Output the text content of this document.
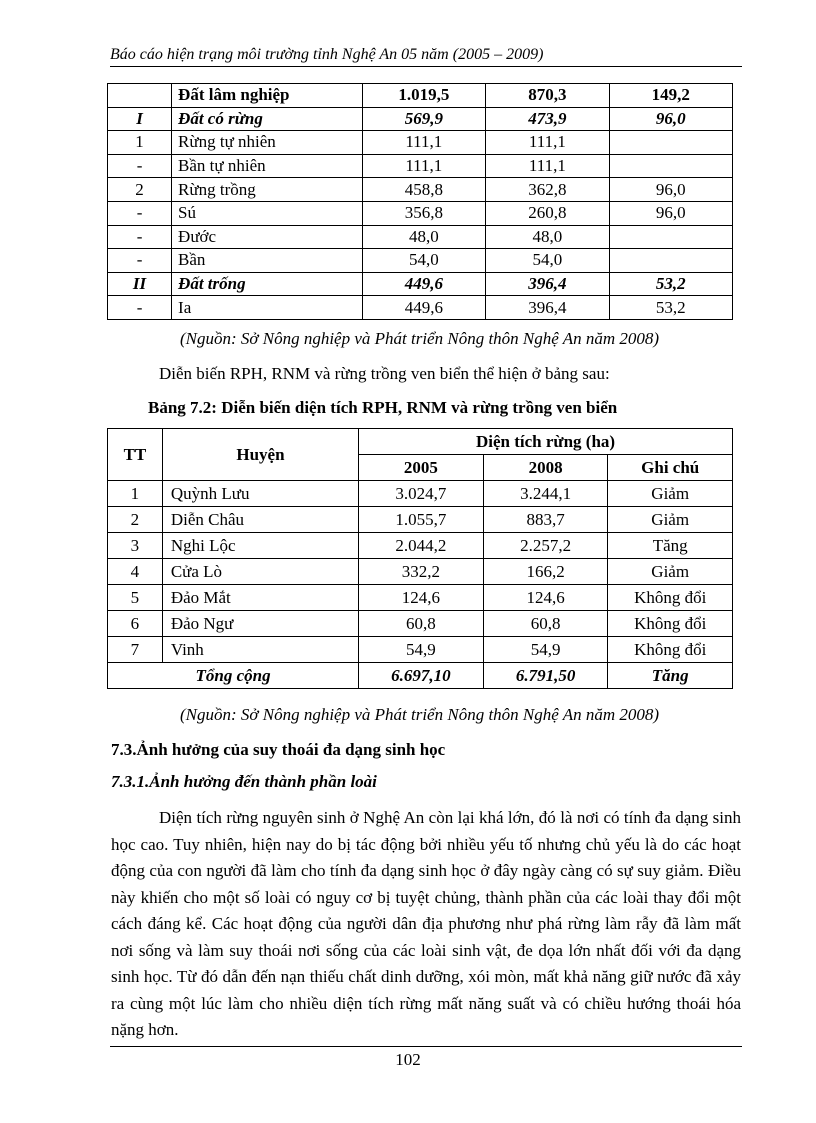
Báo cáo hiện trạng môi trường tỉnh Nghệ An 05 năm (2005 – 2009)
	Đất lâm nghiệp	1.019,5	870,3	149,2
I	Đất có rừng	569,9	473,9	96,0
1	Rừng tự nhiên	111,1	111,1	
-	Bần tự nhiên	111,1	111,1	
2	Rừng trồng	458,8	362,8	96,0
-	Sú	356,8	260,8	96,0
-	Đước	48,0	48,0	
-	Bần	54,0	54,0	
II	Đất trống	449,6	396,4	53,2
-	Ia	449,6	396,4	53,2
(Nguồn: Sở Nông nghiệp và Phát triển Nông thôn Nghệ An năm 2008)
Diễn biến RPH, RNM và rừng trồng ven biển thể hiện ở bảng sau:
Bảng 7.2: Diễn biến diện tích RPH, RNM và rừng trồng ven biển
TT	Huyện	Diện tích rừng (ha)		
		2005	2008	Ghi chú
1	Quỳnh Lưu	3.024,7	3.244,1	Giảm
2	Diễn Châu	1.055,7	883,7	Giảm
3	Nghi Lộc	2.044,2	2.257,2	Tăng
4	Cửa Lò	332,2	166,2	Giảm
5	Đảo Mắt	124,6	124,6	Không đổi
6	Đảo Ngư	60,8	60,8	Không đổi
7	Vinh	54,9	54,9	Không đổi
Tổng cộng		6.697,10	6.791,50	Tăng
(Nguồn: Sở Nông nghiệp và Phát triển Nông thôn Nghệ An năm 2008)
7.3.Ảnh hưởng của suy thoái đa dạng sinh học
7.3.1.Ảnh hưởng đến thành phần loài

Diện tích rừng nguyên sinh ở Nghệ An còn lại khá lớn, đó là nơi có tính đa dạng sinh học cao. Tuy nhiên, hiện nay do bị tác động bởi nhiều yếu tố nhưng chủ yếu là do các hoạt động của con người đã làm cho tính đa dạng sinh học ở đây ngày càng có sự suy giảm. Điều này khiến cho một số loài có nguy cơ bị tuyệt chủng, thành phần của các loài thay đổi một cách đáng kể. Các hoạt động của người dân địa phương như phá rừng làm rẫy đã làm mất nơi sống và làm suy thoái nơi sống của các loài sinh vật, đe dọa lớn nhất đối với đa dạng sinh học. Từ đó dẫn đến nạn thiếu chất dinh dưỡng, xói mòn, mất khả năng giữ nước đã xảy ra cùng một lúc làm cho nhiều diện tích rừng mất năng suất và có chiều hướng thoái hóa nặng hơn.

102
